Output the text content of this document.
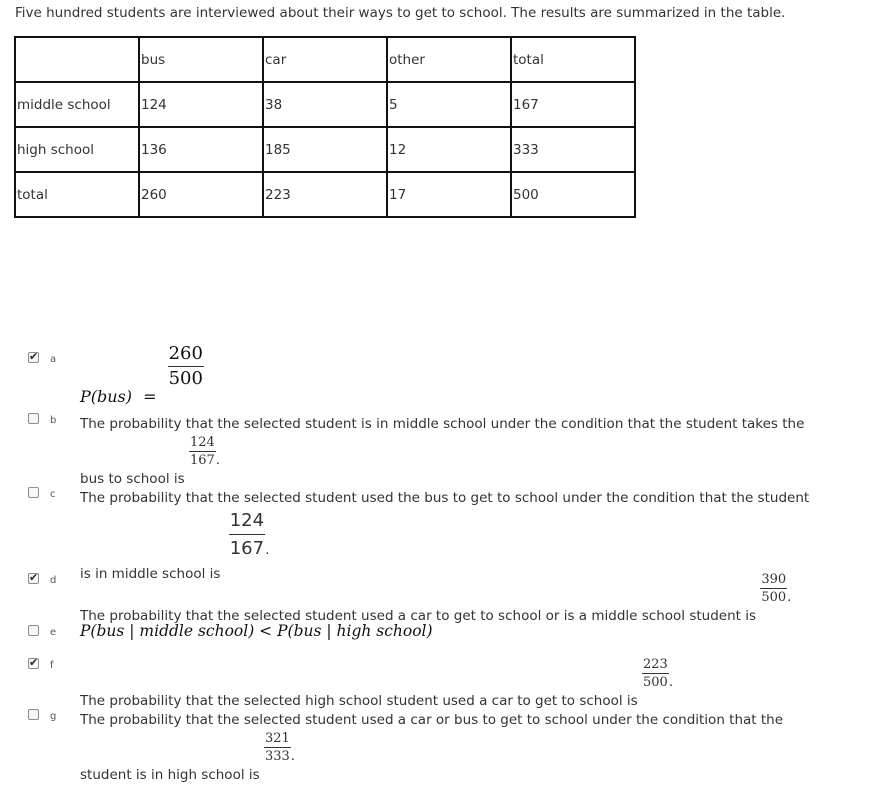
Five hundred students are interviewed about their ways to get to school. The results are summarized in the table.
	bus	car	other	total
middle school	124	38	5	167
high school	136	185	12	333
total	260	223	17	500
✔
a
P(bus) =
$\frac{260}{500}$
b The probability that the selected student is in middle school under the condition that the student takes the
bus to school is
$\frac{124}{167}$ .
c The probability that the selected student used the bus to get to school under the condition that the student
is in middle school is
$\frac{124}{167}$ .
✔
d
The probability that the selected student used a car to get to school or is a middle school student is
$\frac{390}{500}$ .
e P(bus | middle school) < P(bus | high school)
✔
f
The probability that the selected high school student used a car to get to school is
$\frac{223}{500}$ .
g The probability that the selected student used a car or bus to get to school under the condition that the
student is in high school is
$\frac{321}{333}$ .
